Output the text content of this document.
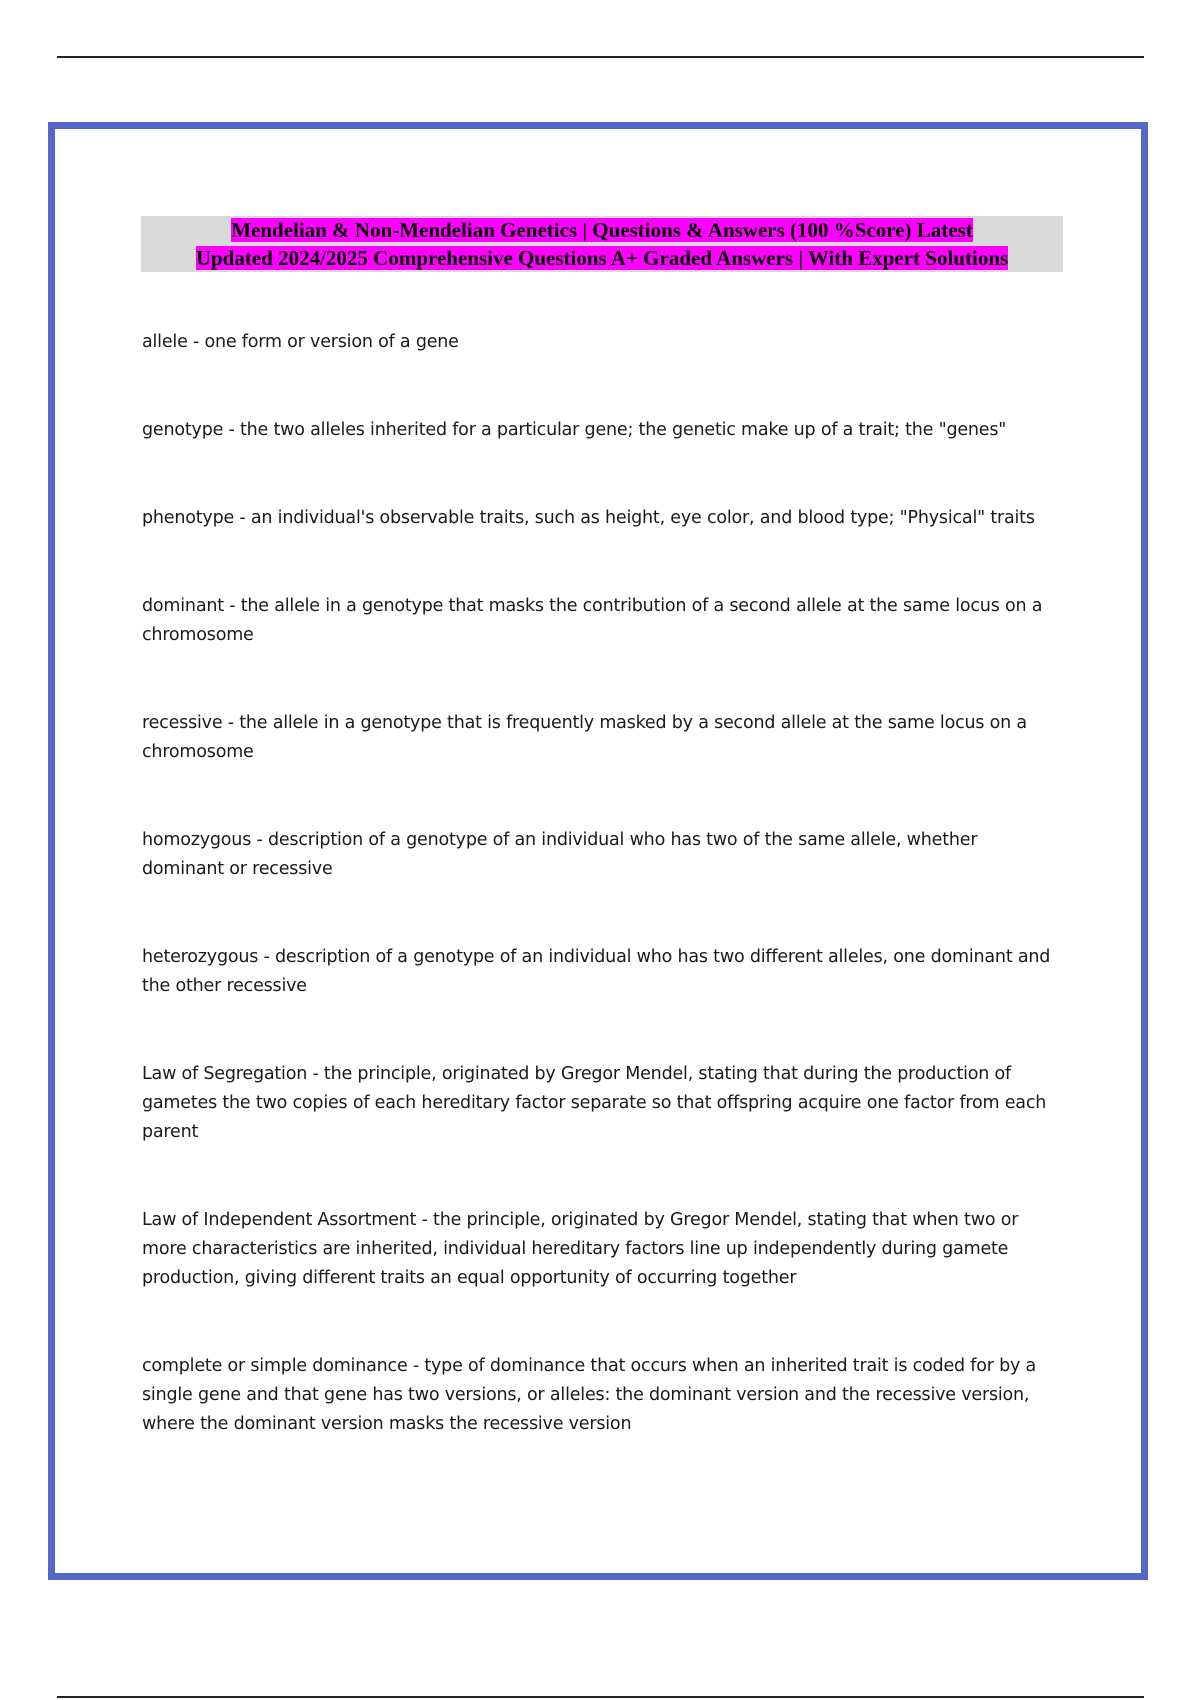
Mendelian & Non-Mendelian Genetics | Questions & Answers (100 %Score) Latest
Updated 2024/2025 Comprehensive Questions A+ Graded Answers | With Expert Solutions
allele - one form or version of a gene
genotype - the two alleles inherited for a particular gene; the genetic make up of a trait; the "genes"
phenotype - an individual's observable traits, such as height, eye color, and blood type; "Physical" traits
dominant - the allele in a genotype that masks the contribution of a second allele at the same locus on a chromosome
recessive - the allele in a genotype that is frequently masked by a second allele at the same locus on a chromosome
homozygous - description of a genotype of an individual who has two of the same allele, whether dominant or recessive
heterozygous - description of a genotype of an individual who has two different alleles, one dominant and the other recessive
Law of Segregation - the principle, originated by Gregor Mendel, stating that during the production of gametes the two copies of each hereditary factor separate so that offspring acquire one factor from each parent
Law of Independent Assortment - the principle, originated by Gregor Mendel, stating that when two or more characteristics are inherited, individual hereditary factors line up independently during gamete production, giving different traits an equal opportunity of occurring together
complete or simple dominance - type of dominance that occurs when an inherited trait is coded for by a single gene and that gene has two versions, or alleles: the dominant version and the recessive version, where the dominant version masks the recessive version
